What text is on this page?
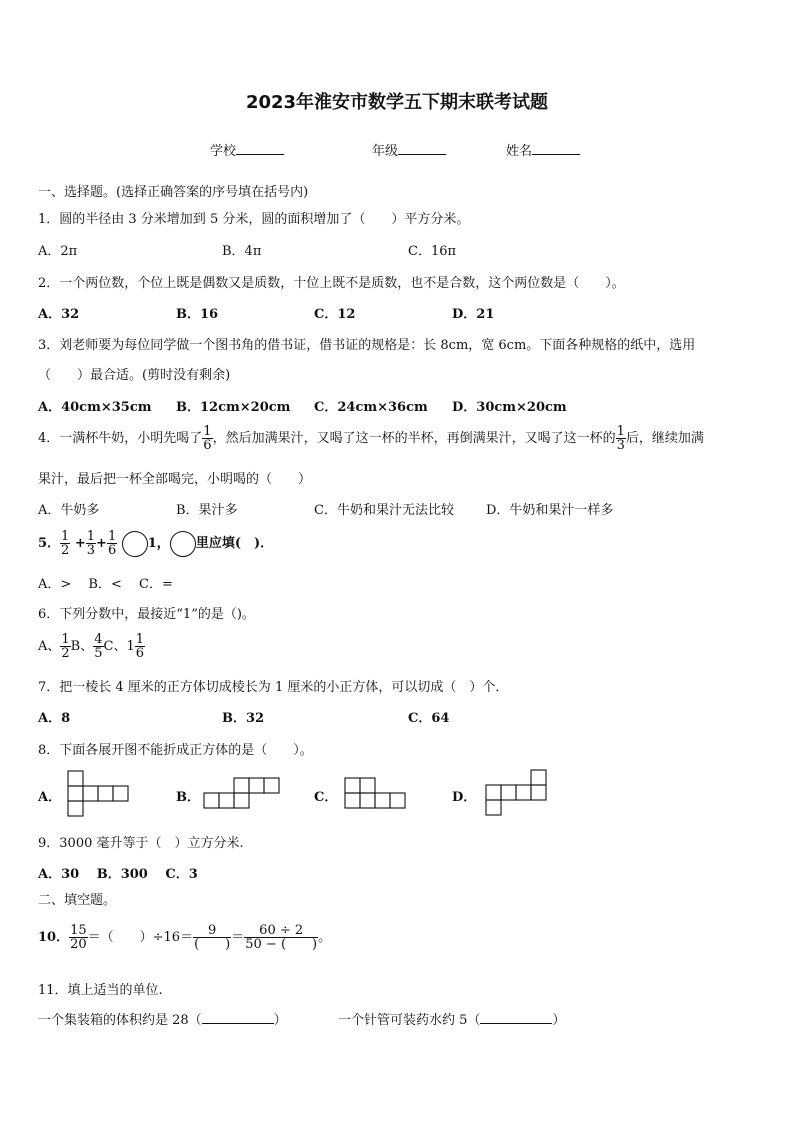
2023年淮安市数学五下期末联考试题
学校	年级	姓名
一、选择题。(选择正确答案的序号填在括号内)
1．圆的半径由 3 分米增加到 5 分米，圆的面积增加了（　　）平方分米。
A．2π	B．4π	C．16π
2．一个两位数，个位上既是偶数又是质数，十位上既不是质数，也不是合数，这个两位数是（　　）。
A．32	B．16	C．12	D．21
3．刘老师要为每位同学做一个图书角的借书证，借书证的规格是：长 8cm，宽 6cm。下面各种规格的纸中，选用
（　　）最合适。(剪时没有剩余)
A．40cm×35cm B．12cm×20cm C．24cm×36cm D．30cm×20cm
4．一满杯牛奶，小明先喝了 $\frac{1}{6}$ ，然后加满果汁，又喝了这一杯的半杯，再倒满果汁，又喝了这一杯的 $\frac{1}{3}$ 后，继续加满
果汁，最后把一杯全部喝完，小明喝的（　　）
A．牛奶多	B．果汁多	C．牛奶和果汁无法比较 D．牛奶和果汁一样多
5． $\frac{1}{2} + \frac{1}{3} + \frac{1}{6} 1$， 里应填(　)．
A．>　 B．<　 C．=
6．下列分数中，最接近“1”的是（)。
A、 $\frac{1}{2}$ B、 $\frac{4}{5}$ C、$1 \frac{1}{6}$
7．把一棱长 4 厘米的正方体切成棱长为 1 厘米的小正方体，可以切成（　）个．
A．8	B．32	C．64
8．下面各展开图不能折成正方体的是（　　）。
A．	B．	C．	D．
9．3000 毫升等于（　）立方分米.
A．30　 B．300　 C．3
二、填空题。
10． $\frac{15}{20}$ ＝（　　）$\div 16= \frac{9}{( )} = \frac{60 \div 2}{50 - ( )}$ 。
11．填上适当的单位.
一个集装箱的体积约是 28（	）	一个针管可装药水约 5（	）
